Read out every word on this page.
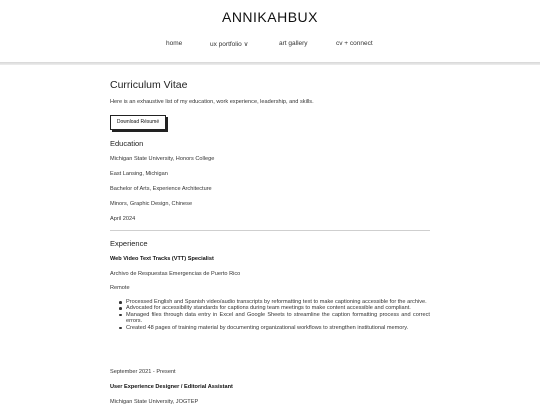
ANNIKAHBUX
home	ux portfolio ∨	art gallery	cv + connect
Curriculum Vitae
Here is an exhaustive list of my education, work experience, leadership, and skills.
Download Résumé
Education
Michigan State University, Honors College
East Lansing, Michigan
Bachelor of Arts, Experience Architecture
Minors, Graphic Design, Chinese
April 2024
Experience
Web Video Text Tracks (VTT) Specialist
Archivo de Respuestas Emergencias de Puerto Rico
Remote
Processed English and Spanish video/audio transcripts by reformatting text to make captioning accessible for the archive.
Advocated for accessibility standards for captions during team meetings to make content accessible and compliant.
Managed files through data entry in Excel and Google Sheets to streamline the caption formatting process and correct errors.
Created 48 pages of training material by documenting organizational workflows to strengthen institutional memory.
September 2021 - Present
User Experience Designer / Editorial Assistant
Michigan State University, JOGTEP
